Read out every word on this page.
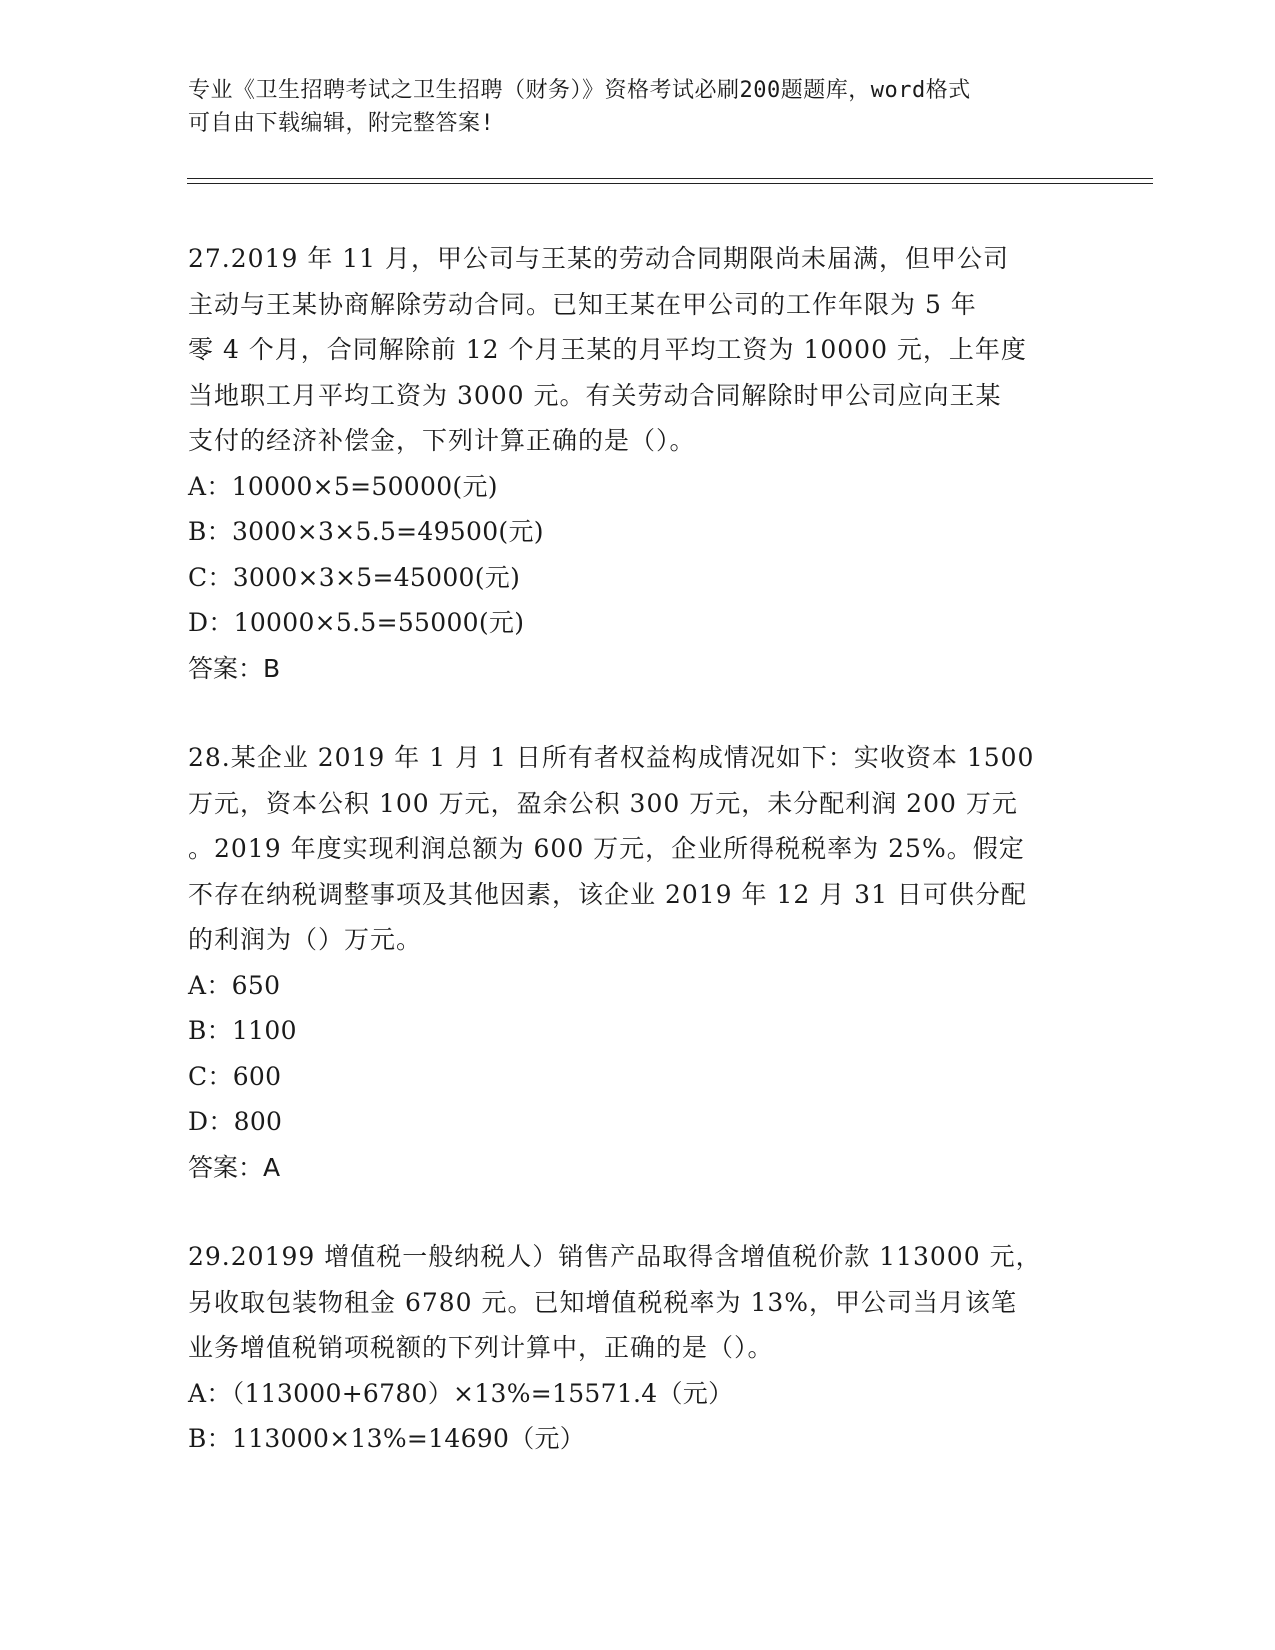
专业《卫生招聘考试之卫生招聘（财务）》资格考试必刷200题题库，word格式
可自由下载编辑，附完整答案!
27.2019 年 11 月，甲公司与王某的劳动合同期限尚未届满，但甲公司
主动与王某协商解除劳动合同。已知王某在甲公司的工作年限为 5 年
零 4 个月，合同解除前 12 个月王某的月平均工资为 10000 元，上年度
当地职工月平均工资为 3000 元。有关劳动合同解除时甲公司应向王某
支付的经济补偿金，下列计算正确的是（）。
A：10000×5=50000(元)
B：3000×3×5.5=49500(元)
C：3000×3×5=45000(元)
D：10000×5.5=55000(元)
答案：B
28.某企业 2019 年 1 月 1 日所有者权益构成情况如下：实收资本 1500
万元，资本公积 100 万元，盈余公积 300 万元，未分配利润 200 万元
。2019 年度实现利润总额为 600 万元，企业所得税税率为 25%。假定
不存在纳税调整事项及其他因素，该企业 2019 年 12 月 31 日可供分配
的利润为（）万元。
A：650
B：1100
C：600
D：800
答案：A
29.20199 增值税一般纳税人）销售产品取得含增值税价款 113000 元，
另收取包装物租金 6780 元。已知增值税税率为 13%，甲公司当月该笔
业务增值税销项税额的下列计算中，正确的是（）。
A：（113000+6780）×13%=15571.4（元）
B：113000×13%=14690（元）
